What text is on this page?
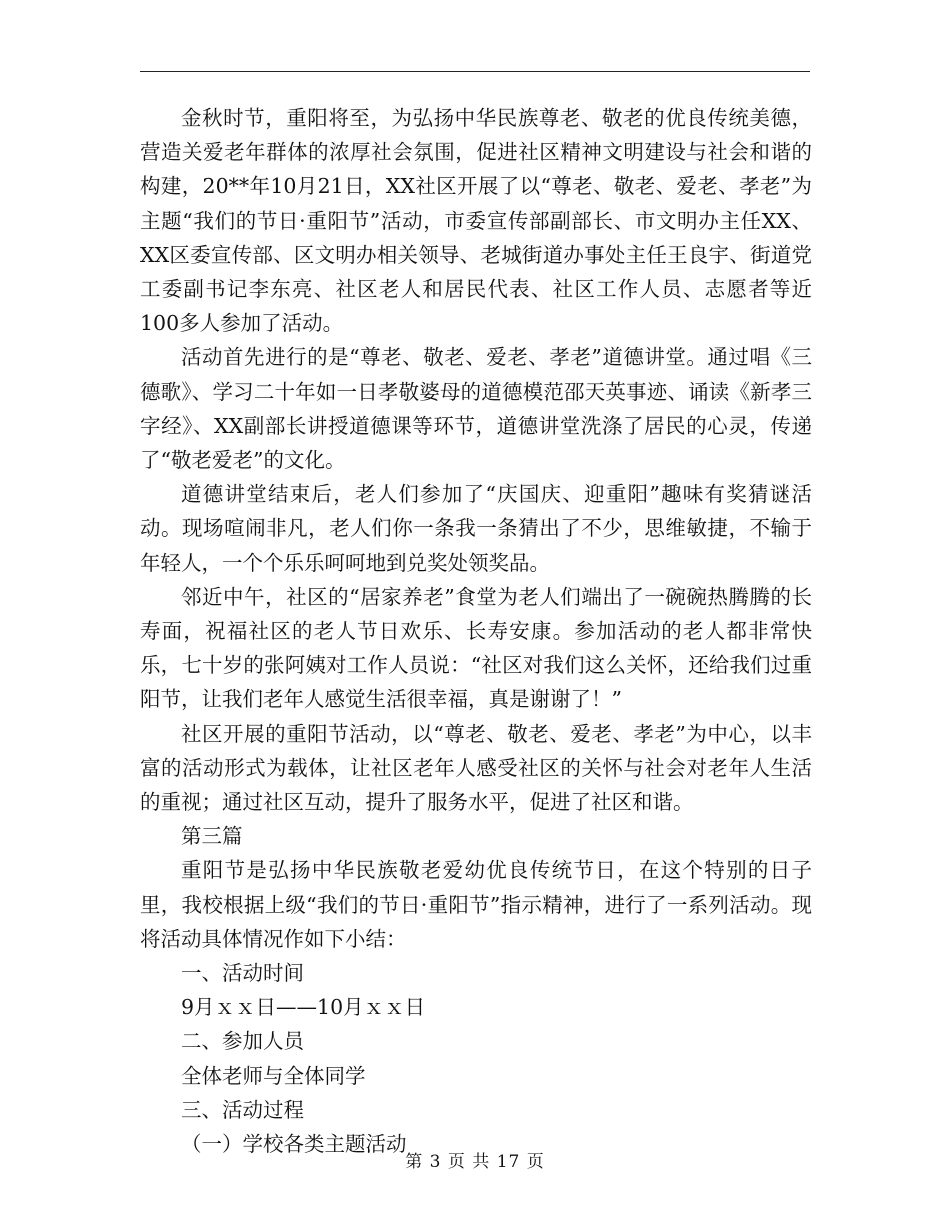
金秋时节，重阳将至，为弘扬中华民族尊老、敬老的优良传统美德，营造关爱老年群体的浓厚社会氛围，促进社区精神文明建设与社会和谐的构建，20**年10月21日，XX社区开展了以“尊老、敬老、爱老、孝老”为主题“我们的节日·重阳节”活动，市委宣传部副部长、市文明办主任XX、XX区委宣传部、区文明办相关领导、老城街道办事处主任王良宇、街道党工委副书记李东亮、社区老人和居民代表、社区工作人员、志愿者等近100多人参加了活动。

活动首先进行的是“尊老、敬老、爱老、孝老”道德讲堂。通过唱《三德歌》、学习二十年如一日孝敬婆母的道德模范邵天英事迹、诵读《新孝三字经》、XX副部长讲授道德课等环节，道德讲堂洗涤了居民的心灵，传递了“敬老爱老”的文化。

道德讲堂结束后，老人们参加了“庆国庆、迎重阳”趣味有奖猜谜活动。现场喧闹非凡，老人们你一条我一条猜出了不少，思维敏捷，不输于年轻人，一个个乐乐呵呵地到兑奖处领奖品。

邻近中午，社区的“居家养老”食堂为老人们端出了一碗碗热腾腾的长寿面，祝福社区的老人节日欢乐、长寿安康。参加活动的老人都非常快乐，七十岁的张阿姨对工作人员说：“社区对我们这么关怀，还给我们过重阳节，让我们老年人感觉生活很幸福，真是谢谢了！”

社区开展的重阳节活动，以“尊老、敬老、爱老、孝老”为中心，以丰富的活动形式为载体，让社区老年人感受社区的关怀与社会对老年人生活的重视；通过社区互动，提升了服务水平，促进了社区和谐。

第三篇

重阳节是弘扬中华民族敬老爱幼优良传统节日，在这个特别的日子里，我校根据上级“我们的节日·重阳节”指示精神，进行了一系列活动。现将活动具体情况作如下小结：

一、活动时间

9月ｘｘ日——10月ｘｘ日

二、参加人员

全体老师与全体同学

三、活动过程

（一）学校各类主题活动

第 3 页 共 17 页
